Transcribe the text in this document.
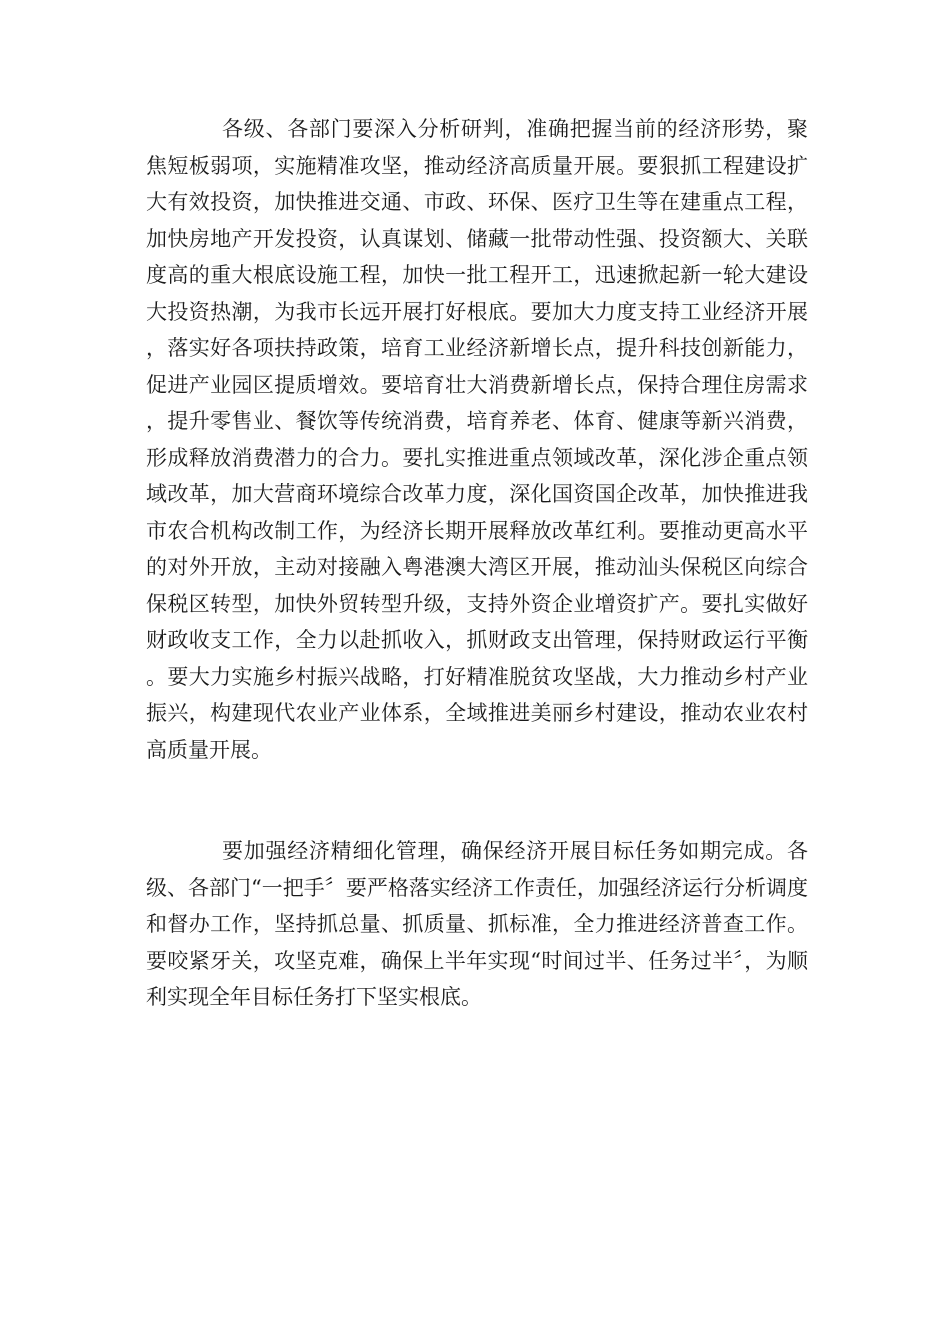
各级、各部门要深入分析研判，准确把握当前的经济形势，聚焦短板弱项，实施精准攻坚，推动经济高质量开展。要狠抓工程建设扩大有效投资，加快推进交通、市政、环保、医疗卫生等在建重点工程，加快房地产开发投资，认真谋划、储藏一批带动性强、投资额大、关联度高的重大根底设施工程，加快一批工程开工，迅速掀起新一轮大建设大投资热潮，为我市长远开展打好根底。要加大力度支持工业经济开展，落实好各项扶持政策，培育工业经济新增长点，提升科技创新能力，促进产业园区提质增效。要培育壮大消费新增长点，保持合理住房需求，提升零售业、餐饮等传统消费，培育养老、体育、健康等新兴消费，形成释放消费潜力的合力。要扎实推进重点领域改革，深化涉企重点领域改革，加大营商环境综合改革力度，深化国资国企改革，加快推进我市农合机构改制工作，为经济长期开展释放改革红利。要推动更高水平的对外开放，主动对接融入粤港澳大湾区开展，推动汕头保税区向综合保税区转型，加快外贸转型升级，支持外资企业增资扩产。要扎实做好财政收支工作，全力以赴抓收入，抓财政支出管理，保持财政运行平衡。要大力实施乡村振兴战略，打好精准脱贫攻坚战，大力推动乡村产业振兴，构建现代农业产业体系，全域推进美丽乡村建设，推动农业农村高质量开展。

要加强经济精细化管理，确保经济开展目标任务如期完成。各级、各部门“一把手〞要严格落实经济工作责任，加强经济运行分析调度和督办工作，坚持抓总量、抓质量、抓标准，全力推进经济普查工作。要咬紧牙关，攻坚克难，确保上半年实现“时间过半、任务过半〞，为顺利实现全年目标任务打下坚实根底。
